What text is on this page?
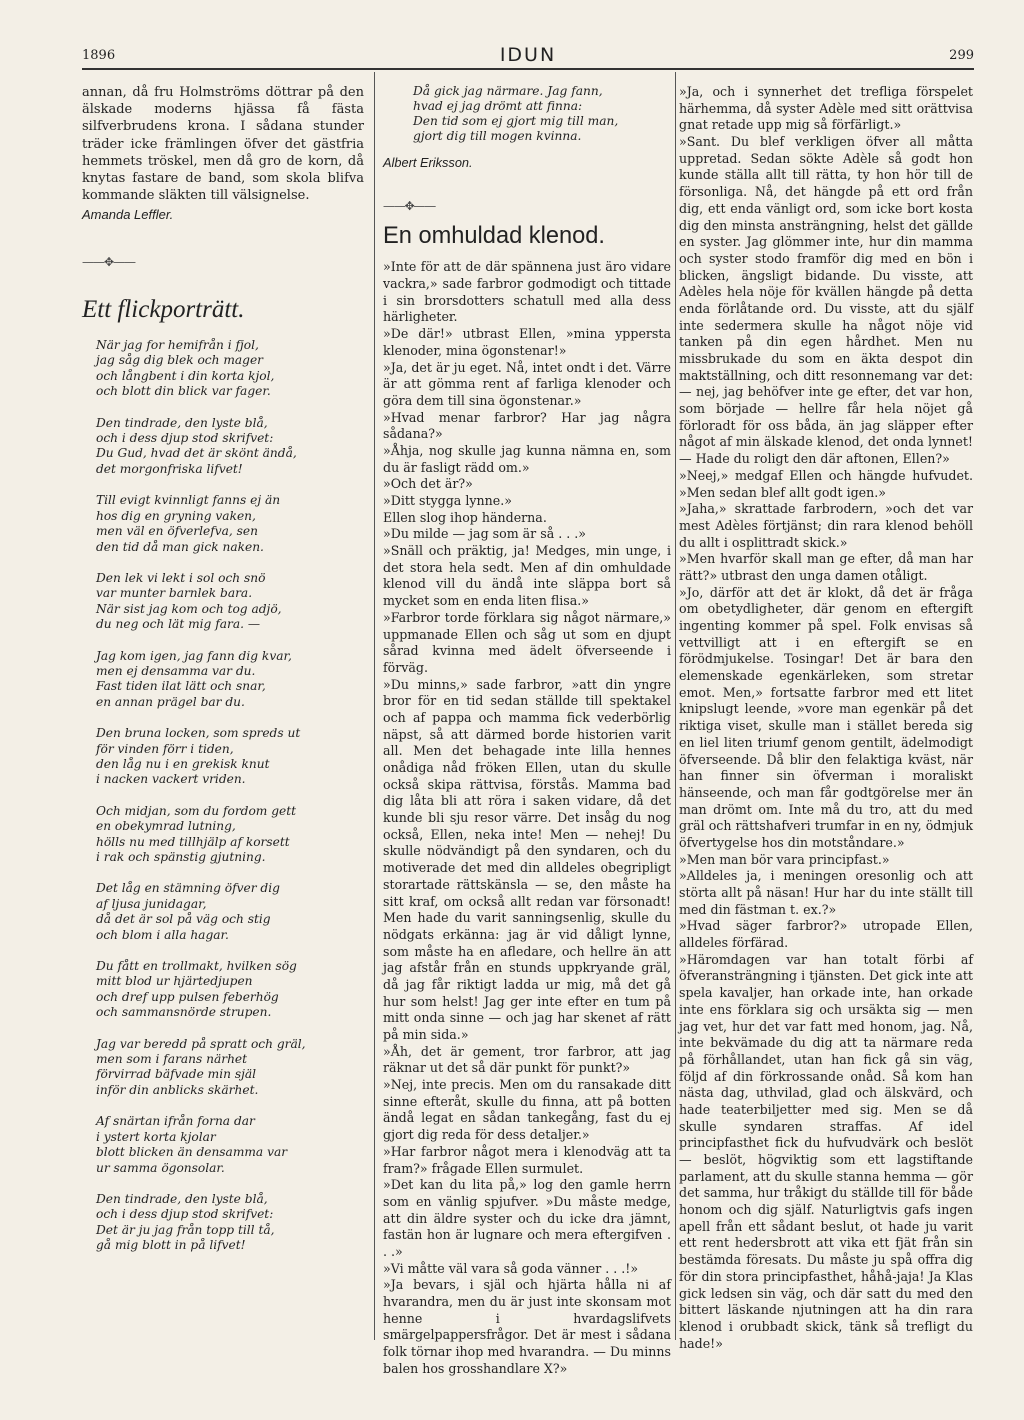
1896	IDUN	299

annan, då fru Holmströms döttrar på den älskade moderns hjässa få fästa silfverbrudens krona. I sådana stunder träder icke främlingen öfver det gästfria hemmets tröskel, men då gro de korn, då knytas fastare de band, som skola blifva kommande släkten till välsignelse.

Amanda Leffler.

——✥——

Ett flickporträtt.

När jag for hemifrån i fjol,
jag såg dig blek och mager
och långbent i din korta kjol,
och blott din blick var fager.

Den tindrade, den lyste blå,
och i dess djup stod skrifvet:
Du Gud, hvad det är skönt ändå,
det morgonfriska lifvet!

Till evigt kvinnligt fanns ej än
hos dig en gryning vaken,
men väl en öfverlefva, sen
den tid då man gick naken.

Den lek vi lekt i sol och snö
var munter barnlek bara.
När sist jag kom och tog adjö,
du neg och lät mig fara. —

Jag kom igen, jag fann dig kvar,
men ej densamma var du.
Fast tiden ilat lätt och snar,
en annan prägel bar du.

Den bruna locken, som spreds ut
för vinden förr i tiden,
den låg nu i en grekisk knut
i nacken vackert vriden.

Och midjan, som du fordom gett
en obekymrad lutning,
hölls nu med tillhjälp af korsett
i rak och spänstig gjutning.

Det låg en stämning öfver dig
af ljusa junidagar,
då det är sol på väg och stig
och blom i alla hagar.

Du fått en trollmakt, hvilken sög
mitt blod ur hjärtedjupen
och dref upp pulsen feberhög
och sammansnörde strupen.

Jag var beredd på spratt och gräl,
men som i farans närhet
förvirrad bäfvade min själ
inför din anblicks skärhet.

Af snärtan ifrån forna dar
i ystert korta kjolar
blott blicken än densamma var
ur samma ögonsolar.

Den tindrade, den lyste blå,
och i dess djup stod skrifvet:
Det är ju jag från topp till tå,
gå mig blott in på lifvet!

Då gick jag närmare. Jag fann,
hvad ej jag drömt att finna:
Den tid som ej gjort mig till man,
gjort dig till mogen kvinna.

Albert Eriksson.

——✥——

En omhuldad klenod.

»Inte för att de där spännena just äro vidare vackra,» sade farbror godmodigt och tittade i sin brorsdotters schatull med alla dess härligheter.

»De där!» utbrast Ellen, »mina yppersta klenoder, mina ögonstenar!»

»Ja, det är ju eget. Nå, intet ondt i det. Värre är att gömma rent af farliga klenoder och göra dem till sina ögonstenar.»

»Hvad menar farbror? Har jag några sådana?»

»Åhja, nog skulle jag kunna nämna en, som du är fasligt rädd om.»

»Och det är?»

»Ditt stygga lynne.»

Ellen slog ihop händerna.

»Du milde — jag som är så . . .»

»Snäll och präktig, ja! Medges, min unge, i det stora hela sedt. Men af din omhuldade klenod vill du ändå inte släppa bort så mycket som en enda liten flisa.»

»Farbror torde förklara sig något närmare,» uppmanade Ellen och såg ut som en djupt sårad kvinna med ädelt öfverseende i förväg.

»Du minns,» sade farbror, »att din yngre bror för en tid sedan ställde till spektakel och af pappa och mamma fick vederbörlig näpst, så att därmed borde historien varit all. Men det behagade inte lilla hennes onådiga nåd fröken Ellen, utan du skulle också skipa rättvisa, förstås. Mamma bad dig låta bli att röra i saken vidare, då det kunde bli sju resor värre. Det insåg du nog också, Ellen, neka inte! Men — nehej! Du skulle nödvändigt på den syndaren, och du motiverade det med din alldeles obegripligt storartade rättskänsla — se, den måste ha sitt kraf, om också allt redan var försonadt! Men hade du varit sanningsenlig, skulle du nödgats erkänna: jag är vid dåligt lynne, som måste ha en afledare, och hellre än att jag afstår från en stunds uppkryande gräl, då jag får riktigt ladda ur mig, må det gå hur som helst! Jag ger inte efter en tum på mitt onda sinne — och jag har skenet af rätt på min sida.»

»Åh, det är gement, tror farbror, att jag räknar ut det så där punkt för punkt?»

»Nej, inte precis. Men om du ransakade ditt sinne efteråt, skulle du finna, att på botten ändå legat en sådan tankegång, fast du ej gjort dig reda för dess detaljer.»

»Har farbror något mera i klenodväg att ta fram?» frågade Ellen surmulet.

»Det kan du lita på,» log den gamle herrn som en vänlig spjufver. »Du måste medge, att din äldre syster och du icke dra jämnt, fastän hon är lugnare och mera eftergifven . . .»

»Vi måtte väl vara så goda vänner . . .!»

»Ja bevars, i själ och hjärta hålla ni af hvarandra, men du är just inte skonsam mot henne i hvardagslifvets smärgelpappersfrågor. Det är mest i sådana folk törnar ihop med hvarandra. — Du minns balen hos grosshandlare X?»

»Ja, och i synnerhet det trefliga förspelet härhemma, då syster Adèle med sitt orättvisa gnat retade upp mig så förfärligt.»

»Sant. Du blef verkligen öfver all måtta uppretad. Sedan sökte Adèle så godt hon kunde ställa allt till rätta, ty hon hör till de försonliga. Nå, det hängde på ett ord från dig, ett enda vänligt ord, som icke bort kosta dig den minsta ansträngning, helst det gällde en syster. Jag glömmer inte, hur din mamma och syster stodo framför dig med en bön i blicken, ängsligt bidande. Du visste, att Adèles hela nöje för kvällen hängde på detta enda förlåtande ord. Du visste, att du själf inte sedermera skulle ha något nöje vid tanken på din egen hårdhet. Men nu missbrukade du som en äkta despot din maktställning, och ditt resonnemang var det: — nej, jag behöfver inte ge efter, det var hon, som började — hellre får hela nöjet gå förloradt för oss båda, än jag släpper efter något af min älskade klenod, det onda lynnet! — Hade du roligt den där aftonen, Ellen?»

»Neej,» medgaf Ellen och hängde hufvudet. »Men sedan blef allt godt igen.»

»Jaha,» skrattade farbrodern, »och det var mest Adèles förtjänst; din rara klenod behöll du allt i osplittradt skick.»

»Men hvarför skall man ge efter, då man har rätt?» utbrast den unga damen otåligt.

»Jo, därför att det är klokt, då det är fråga om obetydligheter, där genom en eftergift ingenting kommer på spel. Folk envisas så vettvilligt att i en eftergift se en förödmjukelse. Tosingar! Det är bara den elemenskade egenkärleken, som stretar emot. Men,» fortsatte farbror med ett litet knipslugt leende, »vore man egenkär på det riktiga viset, skulle man i stället bereda sig en liel liten triumf genom gentilt, ädelmodigt öfverseende. Då blir den felaktiga kväst, när han finner sin öfverman i moraliskt hänseende, och man får godtgörelse mer än man drömt om. Inte må du tro, att du med gräl och rättshafveri trumfar in en ny, ödmjuk öfvertygelse hos din motståndare.»

»Men man bör vara principfast.»

»Alldeles ja, i meningen oresonlig och att störta allt på näsan! Hur har du inte ställt till med din fästman t. ex.?»

»Hvad säger farbror?» utropade Ellen, alldeles förfärad.

»Häromdagen var han totalt förbi af öfveransträngning i tjänsten. Det gick inte att spela kavaljer, han orkade inte, han orkade inte ens förklara sig och ursäkta sig — men jag vet, hur det var fatt med honom, jag. Nå, inte bekvämade du dig att ta närmare reda på förhållandet, utan han fick gå sin väg, följd af din förkrossande onåd. Så kom han nästa dag, uthvilad, glad och älskvärd, och hade teaterbiljetter med sig. Men se då skulle syndaren straffas. Af idel principfasthet fick du hufvudvärk och beslöt — beslöt, högviktig som ett lagstiftande parlament, att du skulle stanna hemma — gör det samma, hur tråkigt du ställde till för både honom och dig själf. Naturligtvis gafs ingen apell från ett sådant beslut, ot hade ju varit ett rent hedersbrott att vika ett fjät från sin bestämda föresats. Du måste ju spå offra dig för din stora principfasthet, håhå-jaja! Ja Klas gick ledsen sin väg, och där satt du med den bittert läskande njutningen att ha din rara klenod i orubbadt skick, tänk så trefligt du hade!»
